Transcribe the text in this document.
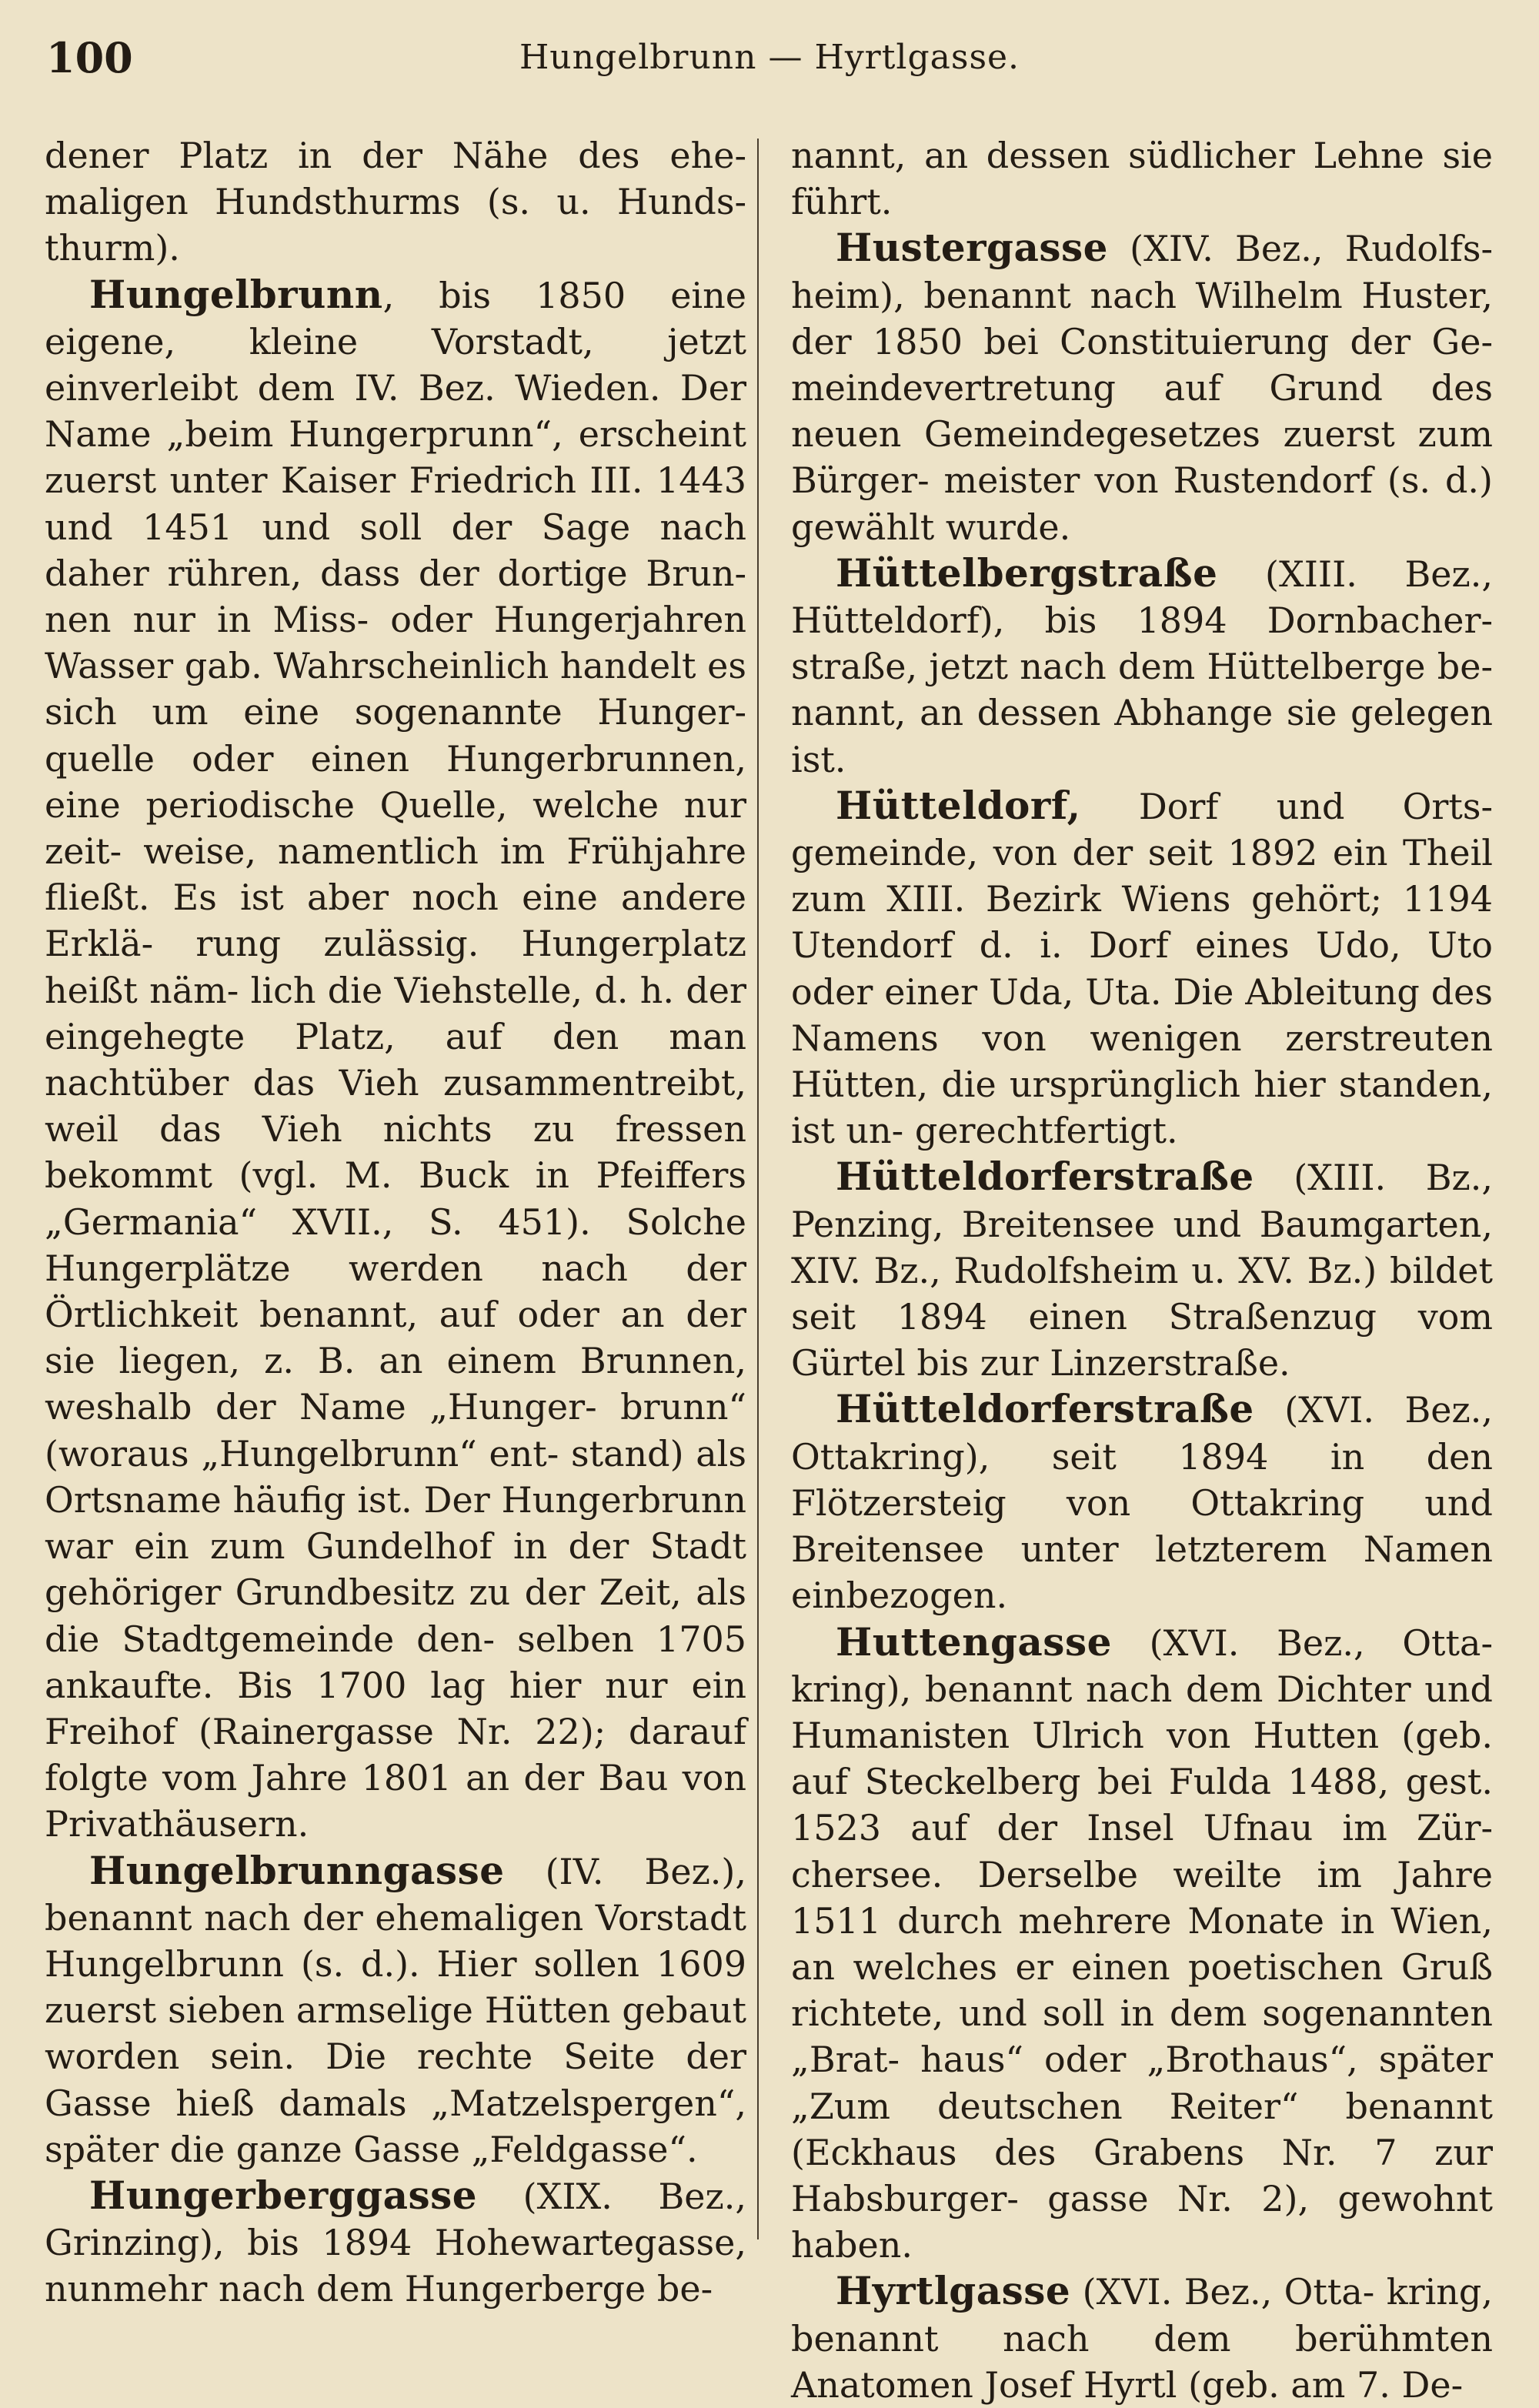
100	Hungelbrunn — Hyrtlgasse.

dener Platz in der Nähe des ehe- maligen Hundsthurms (s. u. Hunds- thurm).

Hungelbrunn, bis 1850 eine eigene, kleine Vorstadt, jetzt einverleibt dem IV. Bez. Wieden. Der Name „beim Hungerprunn“, erscheint zuerst unter Kaiser Friedrich III. 1443 und 1451 und soll der Sage nach daher rühren, dass der dortige Brun- nen nur in Miss- oder Hungerjahren Wasser gab. Wahrscheinlich handelt es sich um eine sogenannte Hunger- quelle oder einen Hungerbrunnen, eine periodische Quelle, welche nur zeit- weise, namentlich im Frühjahre fließt. Es ist aber noch eine andere Erklä- rung zulässig. Hungerplatz heißt näm- lich die Viehstelle, d. h. der eingehegte Platz, auf den man nachtüber das Vieh zusammentreibt, weil das Vieh nichts zu fressen bekommt (vgl. M. Buck in Pfeiffers „Germania“ XVII., S. 451). Solche Hungerplätze werden nach der Örtlichkeit benannt, auf oder an der sie liegen, z. B. an einem Brunnen, weshalb der Name „Hunger- brunn“ (woraus „Hungelbrunn“ ent- stand) als Ortsname häufig ist. Der Hungerbrunn war ein zum Gundelhof in der Stadt gehöriger Grundbesitz zu der Zeit, als die Stadtgemeinde den- selben 1705 ankaufte. Bis 1700 lag hier nur ein Freihof (Rainergasse Nr. 22); darauf folgte vom Jahre 1801 an der Bau von Privathäusern.

Hungelbrunngasse (IV. Bez.), benannt nach der ehemaligen Vorstadt Hungelbrunn (s. d.). Hier sollen 1609 zuerst sieben armselige Hütten gebaut worden sein. Die rechte Seite der Gasse hieß damals „Matzelspergen“, später die ganze Gasse „Feldgasse“.

Hungerberggasse (XIX. Bez., Grinzing), bis 1894 Hohewartegasse, nunmehr nach dem Hungerberge be-

nannt, an dessen südlicher Lehne sie führt.

Hustergasse (XIV. Bez., Rudolfs- heim), benannt nach Wilhelm Huster, der 1850 bei Constituierung der Ge- meindevertretung auf Grund des neuen Gemeindegesetzes zuerst zum Bürger- meister von Rustendorf (s. d.) gewählt wurde.

Hüttelbergstraße (XIII. Bez., Hütteldorf), bis 1894 Dornbacher- straße, jetzt nach dem Hüttelberge be- nannt, an dessen Abhange sie gelegen ist.

Hütteldorf, Dorf und Orts- gemeinde, von der seit 1892 ein Theil zum XIII. Bezirk Wiens gehört; 1194 Utendorf d. i. Dorf eines Udo, Uto oder einer Uda, Uta. Die Ableitung des Namens von wenigen zerstreuten Hütten, die ursprünglich hier standen, ist un- gerechtfertigt.

Hütteldorferstraße (XIII. Bz., Penzing, Breitensee und Baumgarten, XIV. Bz., Rudolfsheim u. XV. Bz.) bildet seit 1894 einen Straßenzug vom Gürtel bis zur Linzerstraße.

Hütteldorferstraße (XVI. Bez., Ottakring), seit 1894 in den Flötzersteig von Ottakring und Breitensee unter letzterem Namen einbezogen.

Huttengasse (XVI. Bez., Otta- kring), benannt nach dem Dichter und Humanisten Ulrich von Hutten (geb. auf Steckelberg bei Fulda 1488, gest. 1523 auf der Insel Ufnau im Zür- chersee. Derselbe weilte im Jahre 1511 durch mehrere Monate in Wien, an welches er einen poetischen Gruß richtete, und soll in dem sogenannten „Brat- haus“ oder „Brothaus“, später „Zum deutschen Reiter“ benannt (Eckhaus des Grabens Nr. 7 zur Habsburger- gasse Nr. 2), gewohnt haben.

Hyrtlgasse (XVI. Bez., Otta- kring, benannt nach dem berühmten Anatomen Josef Hyrtl (geb. am 7. De-
